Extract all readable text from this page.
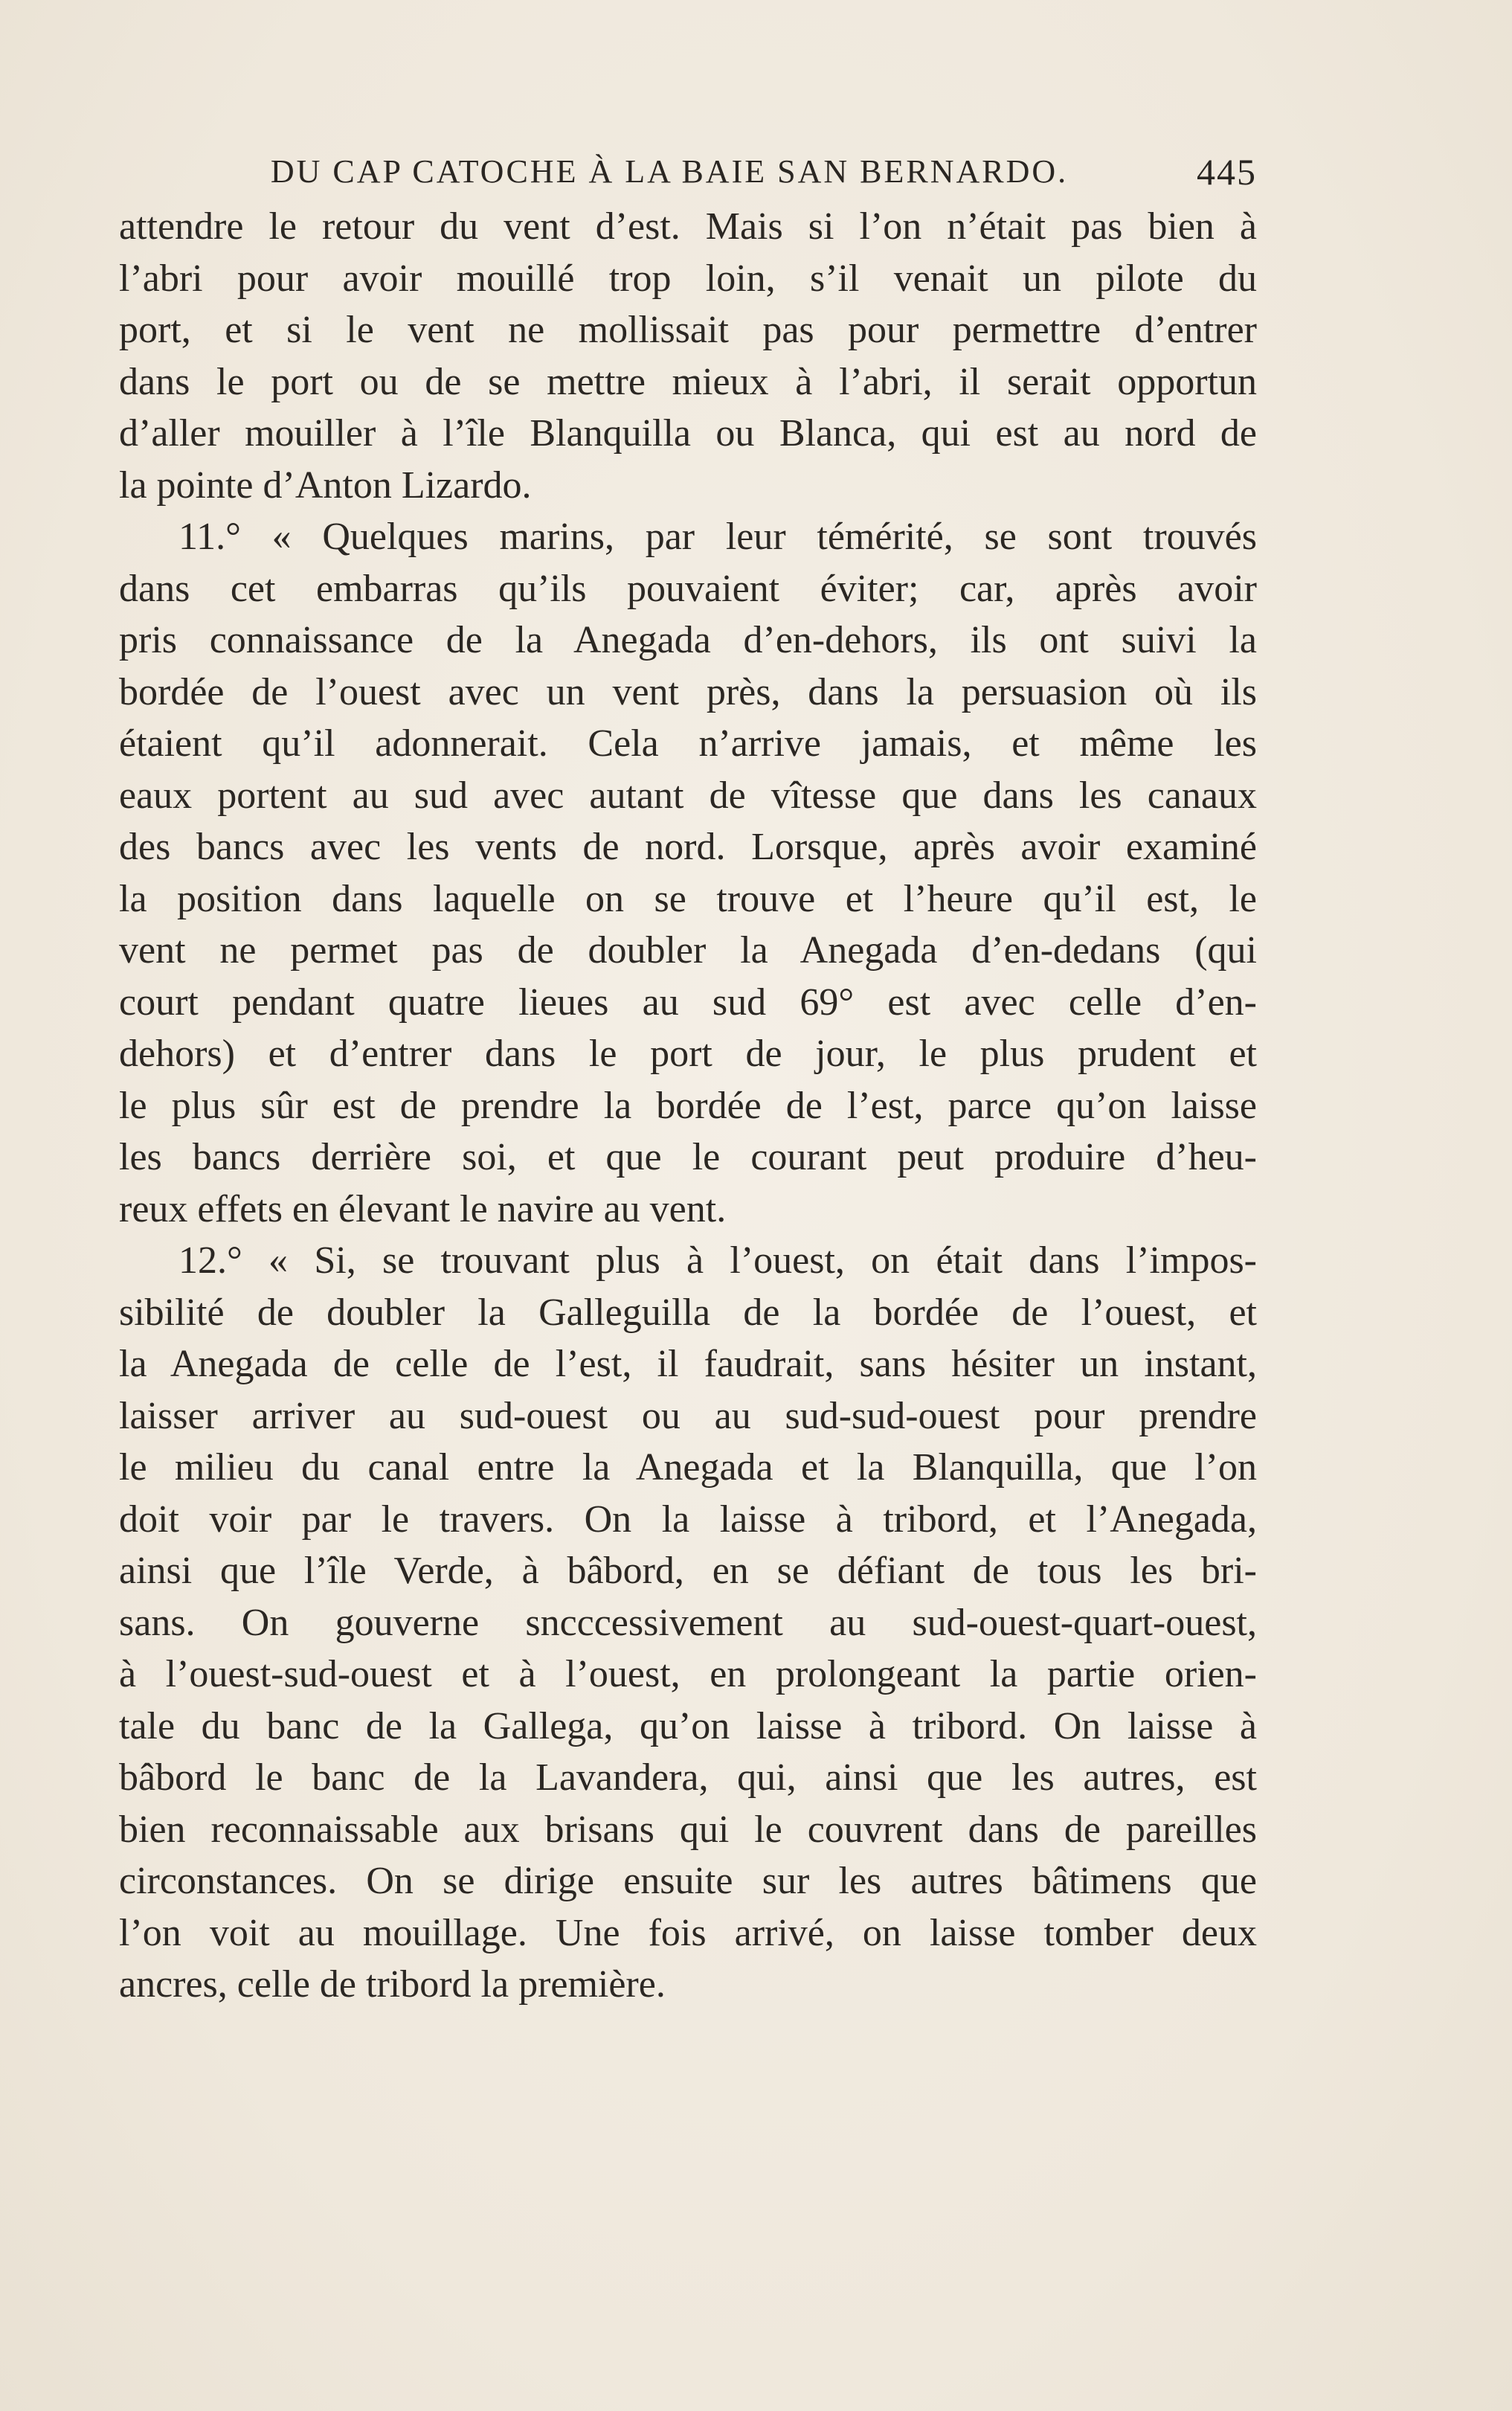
DU CAP CATOCHE À LA BAIE SAN BERNARDO.	445
attendre le retour du vent d’est. Mais si l’on n’était pas bien à
l’abri pour avoir mouillé trop loin, s’il venait un pilote du
port, et si le vent ne mollissait pas pour permettre d’entrer
dans le port ou de se mettre mieux à l’abri, il serait opportun
d’aller mouiller à l’île Blanquilla ou Blanca, qui est au nord de
la pointe d’Anton Lizardo.
11.° « Quelques marins, par leur témérité, se sont trouvés
dans cet embarras qu’ils pouvaient éviter; car, après avoir
pris connaissance de la Anegada d’en-dehors, ils ont suivi la
bordée de l’ouest avec un vent près, dans la persuasion où ils
étaient qu’il adonnerait. Cela n’arrive jamais, et même les
eaux portent au sud avec autant de vîtesse que dans les canaux
des bancs avec les vents de nord. Lorsque, après avoir examiné
la position dans laquelle on se trouve et l’heure qu’il est, le
vent ne permet pas de doubler la Anegada d’en-dedans (qui
court pendant quatre lieues au sud 69° est avec celle d’en-
dehors) et d’entrer dans le port de jour, le plus prudent et
le plus sûr est de prendre la bordée de l’est, parce qu’on laisse
les bancs derrière soi, et que le courant peut produire d’heu-
reux effets en élevant le navire au vent.
12.° « Si, se trouvant plus à l’ouest, on était dans l’impos-
sibilité de doubler la Galleguilla de la bordée de l’ouest, et
la Anegada de celle de l’est, il faudrait, sans hésiter un instant,
laisser arriver au sud-ouest ou au sud-sud-ouest pour prendre
le milieu du canal entre la Anegada et la Blanquilla, que l’on
doit voir par le travers. On la laisse à tribord, et l’Anegada,
ainsi que l’île Verde, à bâbord, en se défiant de tous les bri-
sans. On gouverne sncccessivement au sud-ouest-quart-ouest,
à l’ouest-sud-ouest et à l’ouest, en prolongeant la partie orien-
tale du banc de la Gallega, qu’on laisse à tribord. On laisse à
bâbord le banc de la Lavandera, qui, ainsi que les autres, est
bien reconnaissable aux brisans qui le couvrent dans de pareilles
circonstances. On se dirige ensuite sur les autres bâtimens que
l’on voit au mouillage. Une fois arrivé, on laisse tomber deux
ancres, celle de tribord la première.
